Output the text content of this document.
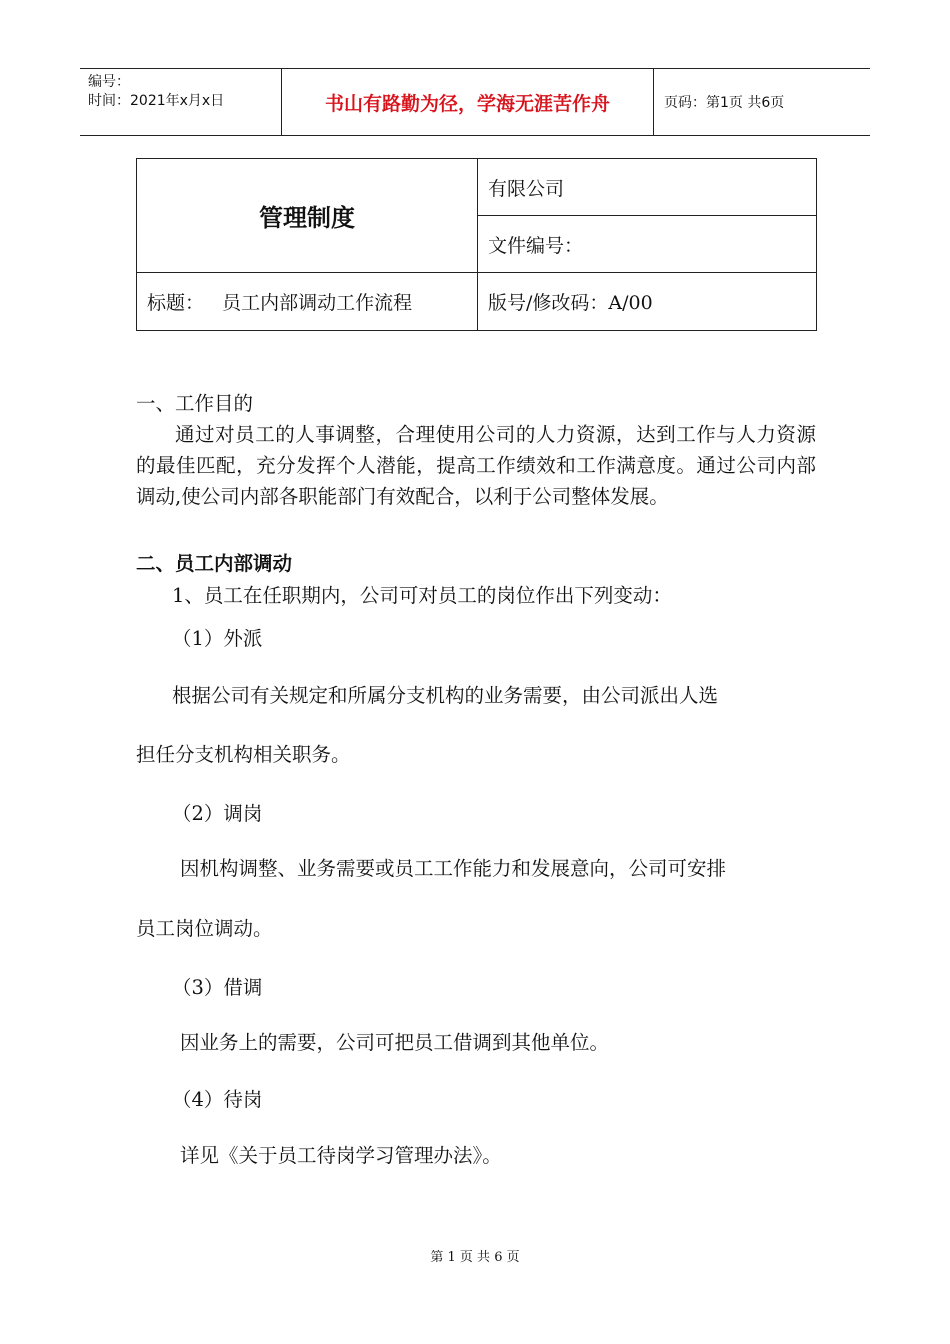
编号：
时间：2021年x月x日	书山有路勤为径，学海无涯苦作舟	页码：第1页 共6页
管理制度	有限公司
	文件编号：
标题：   员工内部调动工作流程	版号/修改码：A/00
一、工作目的
通过对员工的人事调整，合理使用公司的人力资源，达到工作与人力资源的最佳匹配，充分发挥个人潜能，提高工作绩效和工作满意度。通过公司内部调动,使公司内部各职能部门有效配合，以利于公司整体发展。
二、员工内部调动
1、员工在任职期内，公司可对员工的岗位作出下列变动：
（1）外派
根据公司有关规定和所属分支机构的业务需要，由公司派出人选
担任分支机构相关职务。
（2）调岗
因机构调整、业务需要或员工工作能力和发展意向，公司可安排
员工岗位调动。
（3）借调
因业务上的需要，公司可把员工借调到其他单位。
（4）待岗
详见《关于员工待岗学习管理办法》。
第 1 页 共 6 页
